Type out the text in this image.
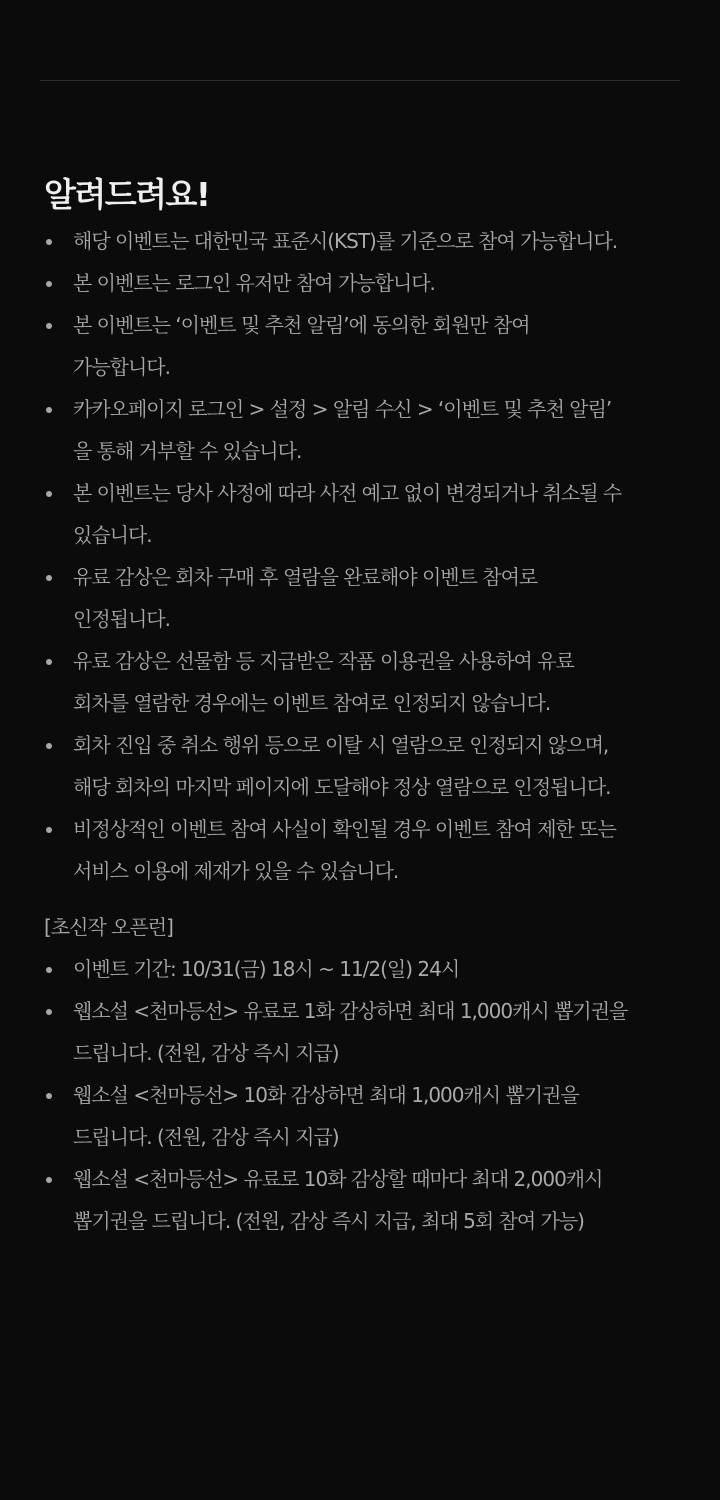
알려드려요!
해당 이벤트는 대한민국 표준시(KST)를 기준으로 참여 가능합니다.
본 이벤트는 로그인 유저만 참여 가능합니다.
본 이벤트는 ‘이벤트 및 추천 알림’에 동의한 회원만 참여
가능합니다.
카카오페이지 로그인 > 설정 > 알림 수신 > ‘이벤트 및 추천 알림’
을 통해 거부할 수 있습니다.
본 이벤트는 당사 사정에 따라 사전 예고 없이 변경되거나 취소될 수
있습니다.
유료 감상은 회차 구매 후 열람을 완료해야 이벤트 참여로
인정됩니다.
유료 감상은 선물함 등 지급받은 작품 이용권을 사용하여 유료
회차를 열람한 경우에는 이벤트 참여로 인정되지 않습니다.
회차 진입 중 취소 행위 등으로 이탈 시 열람으로 인정되지 않으며,
해당 회차의 마지막 페이지에 도달해야 정상 열람으로 인정됩니다.
비정상적인 이벤트 참여 사실이 확인될 경우 이벤트 참여 제한 또는
서비스 이용에 제재가 있을 수 있습니다.
[초신작 오픈런]
이벤트 기간: 10/31(금) 18시 ~ 11/2(일) 24시
웹소설 <천마등선> 유료로 1화 감상하면 최대 1,000캐시 뽑기권을
드립니다. (전원, 감상 즉시 지급)
웹소설 <천마등선> 10화 감상하면 최대 1,000캐시 뽑기권을
드립니다. (전원, 감상 즉시 지급)
웹소설 <천마등선> 유료로 10화 감상할 때마다 최대 2,000캐시
뽑기권을 드립니다. (전원, 감상 즉시 지급, 최대 5회 참여 가능)
